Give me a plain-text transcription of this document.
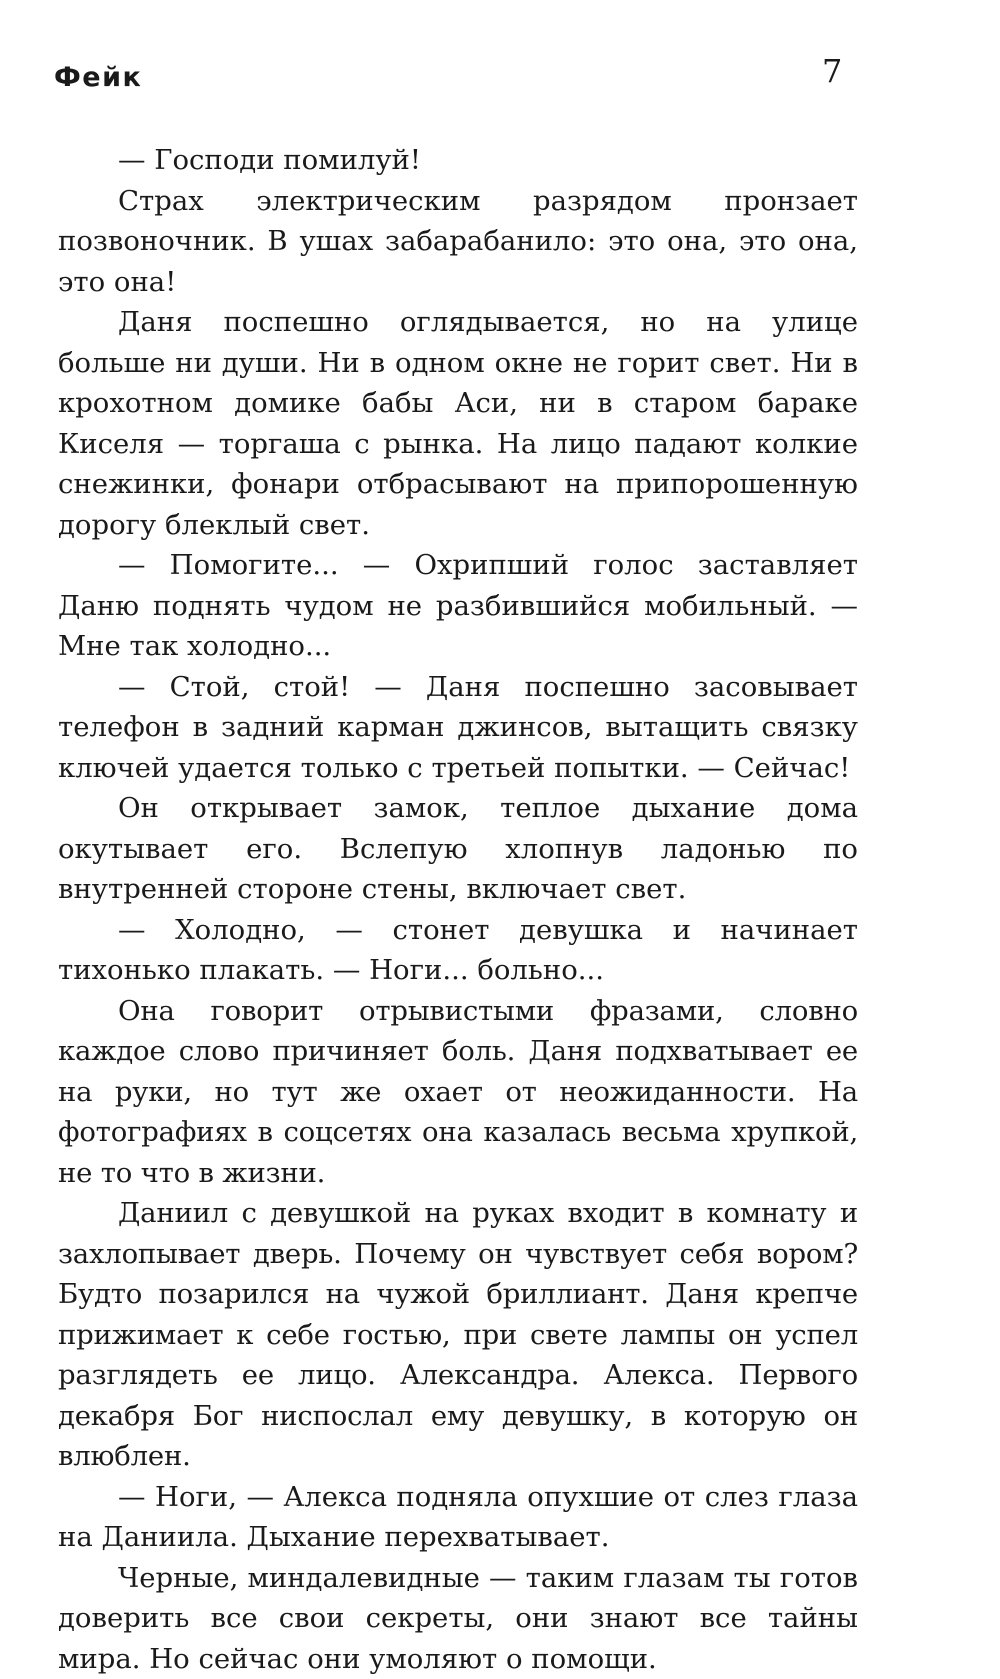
Фейк	7

— Господи помилуй!

Страх электрическим разрядом пронзает позвоночник. В ушах забарабанило: это она, это она, это она!

Даня поспешно оглядывается, но на улице больше ни души. Ни в одном окне не горит свет. Ни в крохотном домике бабы Аси, ни в старом бараке Киселя — торгаша с рынка. На лицо падают колкие снежинки, фонари отбрасывают на припорошенную дорогу блеклый свет.

— Помогите... — Охрипший голос заставляет Даню поднять чудом не разбившийся мобильный. — Мне так холодно...

— Стой, стой! — Даня поспешно засовывает телефон в задний карман джинсов, вытащить связку ключей удается только с третьей попытки. — Сейчас!

Он открывает замок, теплое дыхание дома окутывает его. Вслепую хлопнув ладонью по внутренней стороне стены, включает свет.

— Холодно, — стонет девушка и начинает тихонько плакать. — Ноги... больно...

Она говорит отрывистыми фразами, словно каждое слово причиняет боль. Даня подхватывает ее на руки, но тут же охает от неожиданности. На фотографиях в соцсетях она казалась весьма хрупкой, не то что в жизни.

Даниил с девушкой на руках входит в комнату и захлопывает дверь. Почему он чувствует себя вором? Будто позарился на чужой бриллиант. Даня крепче прижимает к себе гостью, при свете лампы он успел разглядеть ее лицо. Александра. Алекса. Первого декабря Бог ниспослал ему девушку, в которую он влюблен.

— Ноги, — Алекса подняла опухшие от слез глаза на Даниила. Дыхание перехватывает.

Черные, миндалевидные — таким глазам ты готов доверить все свои секреты, они знают все тайны мира. Но сейчас они умоляют о помощи.
